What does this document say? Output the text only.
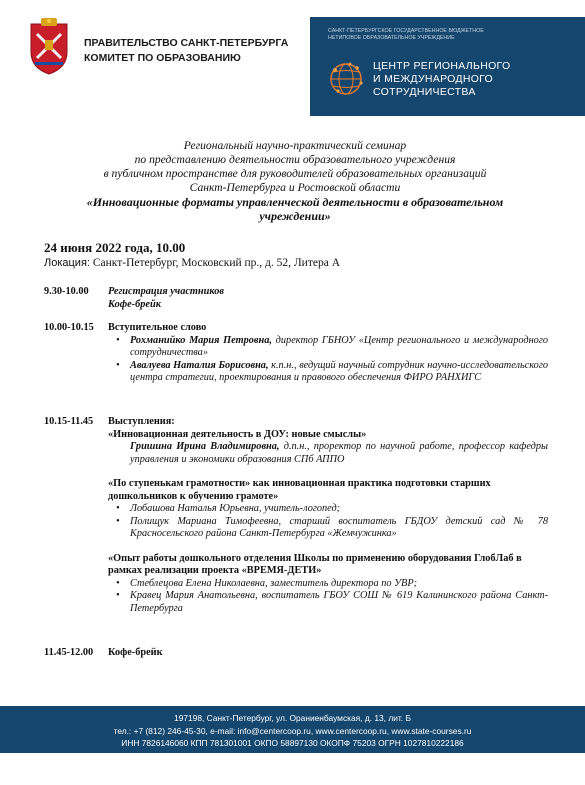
ПРАВИТЕЛЬСТВО САНКТ-ПЕТЕРБУРГА
КОМИТЕТ ПО ОБРАЗОВАНИЮ
САНКТ-ПЕТЕРБУРГСКОЕ ГОСУДАРСТВЕННОЕ БЮДЖЕТНОЕ
НЕТИПОВОЕ ОБРАЗОВАТЕЛЬНОЕ УЧРЕЖДЕНИЕ
ЦЕНТР РЕГИОНАЛЬНОГО
И МЕЖДУНАРОДНОГО
СОТРУДНИЧЕСТВА
Региональный научно-практический семинар
по представлению деятельности образовательного учреждения
в публичном пространстве для руководителей образовательных организаций
Санкт-Петербурга и Ростовской области
«Инновационные форматы управленческой деятельности в образовательном
учреждении»
24 июня 2022 года, 10.00
Локация: Санкт-Петербург, Московский пр., д. 52, Литера А
9.30-10.00 Регистрация участников
Кофе-брейк
10.00-10.15 Вступительное слово
• Рохманийко Мария Петровна, директор ГБНОУ «Центр регионального и международного сотрудничества»
• Авалуева Наталия Борисовна, к.п.н., ведущий научный сотрудник научно-исследовательского центра стратегии, проектирования и правового обеспечения ФИРО РАНХИГС
10.15-11.45 Выступления:
«Инновационная деятельность в ДОУ: новые смыслы»
Гришина Ирина Владимировна, д.п.н., проректор по научной работе, профессор кафедры управления и экономики образования СПб АППО
«По ступенькам грамотности» как инновационная практика подготовки старших дошкольников к обучению грамоте»
• Лобашова Наталья Юрьевна, учитель-логопед;
• Полищук Мариана Тимофеевна, старший воспитатель ГБДОУ детский сад № 78 Красносельского района Санкт-Петербурга «Жемчужинка»
«Опыт работы дошкольного отделения Школы по применению оборудования ГлобЛаб в рамках реализации проекта «ВРЕМЯ-ДЕТИ»
• Стеблецова Елена Николаевна, заместитель директора по УВР;
• Кравец Мария Анатольевна, воспитатель ГБОУ СОШ № 619 Калининского района Санкт-Петербурга
11.45-12.00 Кофе-брейк
197198, Санкт-Петербург, ул. Ораниенбаумская, д. 13, лит. Б
тел.: +7 (812) 246-45-30, e-mail: info@centercoop.ru, www.centercoop.ru, www.state-courses.ru
ИНН 7826146060 КПП 781301001 ОКПО 58897130 ОКОПФ 75203 ОГРН 1027810222186
